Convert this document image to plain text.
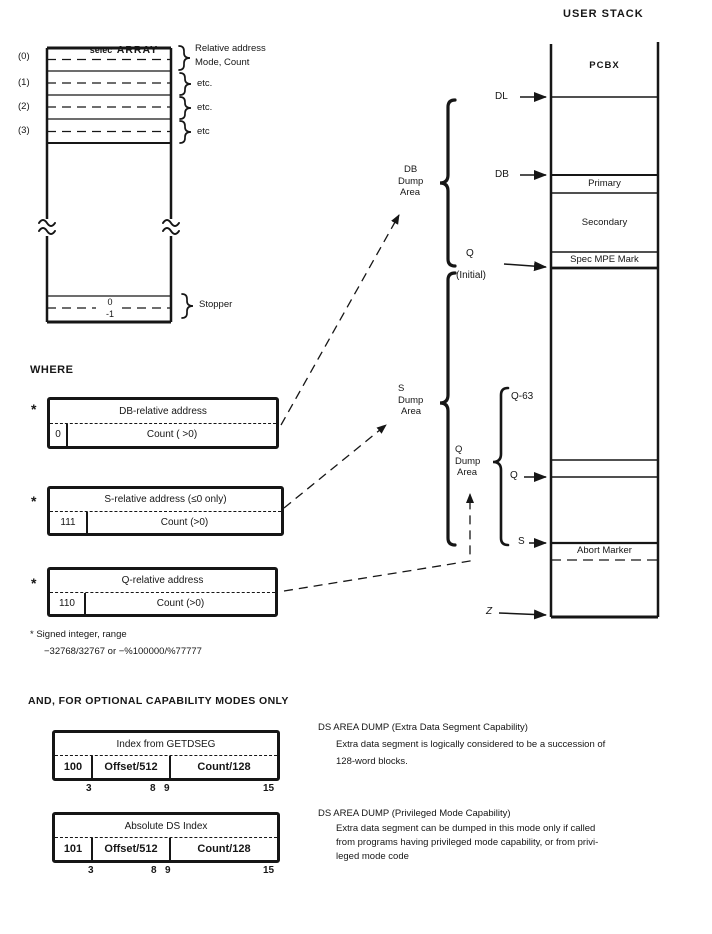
selec ARRAY

(0)
(1)
(2)
(3)
Relative address
Mode, Count
etc.
etc.
etc
0
-1
Stopper
WHERE
*	DB-relative address
0	Count ( >0)
*	S-relative address (≤0 only)
111	Count (>0)
*	Q-relative address
110	Count (>0)
* Signed integer, range
−32768/32767 or −%100000/%77777
AND, FOR OPTIONAL CAPABILITY MODES ONLY
Index from GETDSEG
100	Offset/512	Count/128
3	8 9	15
Absolute DS Index
101	Offset/512	Count/128
3	8 9	15
DS AREA DUMP (Extra Data Segment Capability)
Extra data segment is logically considered to be a succession of
128-word blocks.
DS AREA DUMP (Privileged Mode Capability)
Extra data segment can be dumped in this mode only if called
from programs having privileged mode capability, or from privi-
leged mode code
USER STACK
PCBX
Primary
Secondary
Spec MPE Mark
Abort Marker
DL
DB
Q
(Initial)
Q-63
Q
S
Z
DB
Dump
Area
S
Dump
Area
Q
Dump
Area
